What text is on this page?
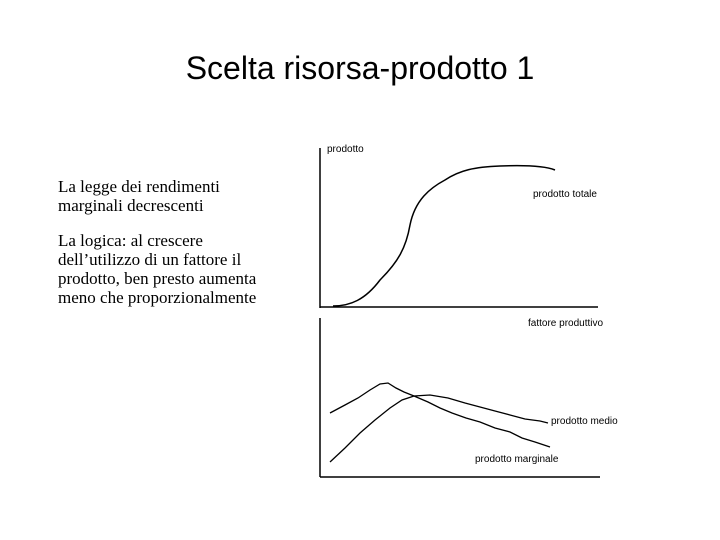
Scelta risorsa-prodotto 1
La legge dei rendimenti marginali decrescenti
La logica: al crescere dell’utilizzo di un fattore il prodotto, ben presto aumenta meno che proporzionalmente
prodotto
prodotto totale
fattore produttivo
prodotto medio
prodotto marginale
